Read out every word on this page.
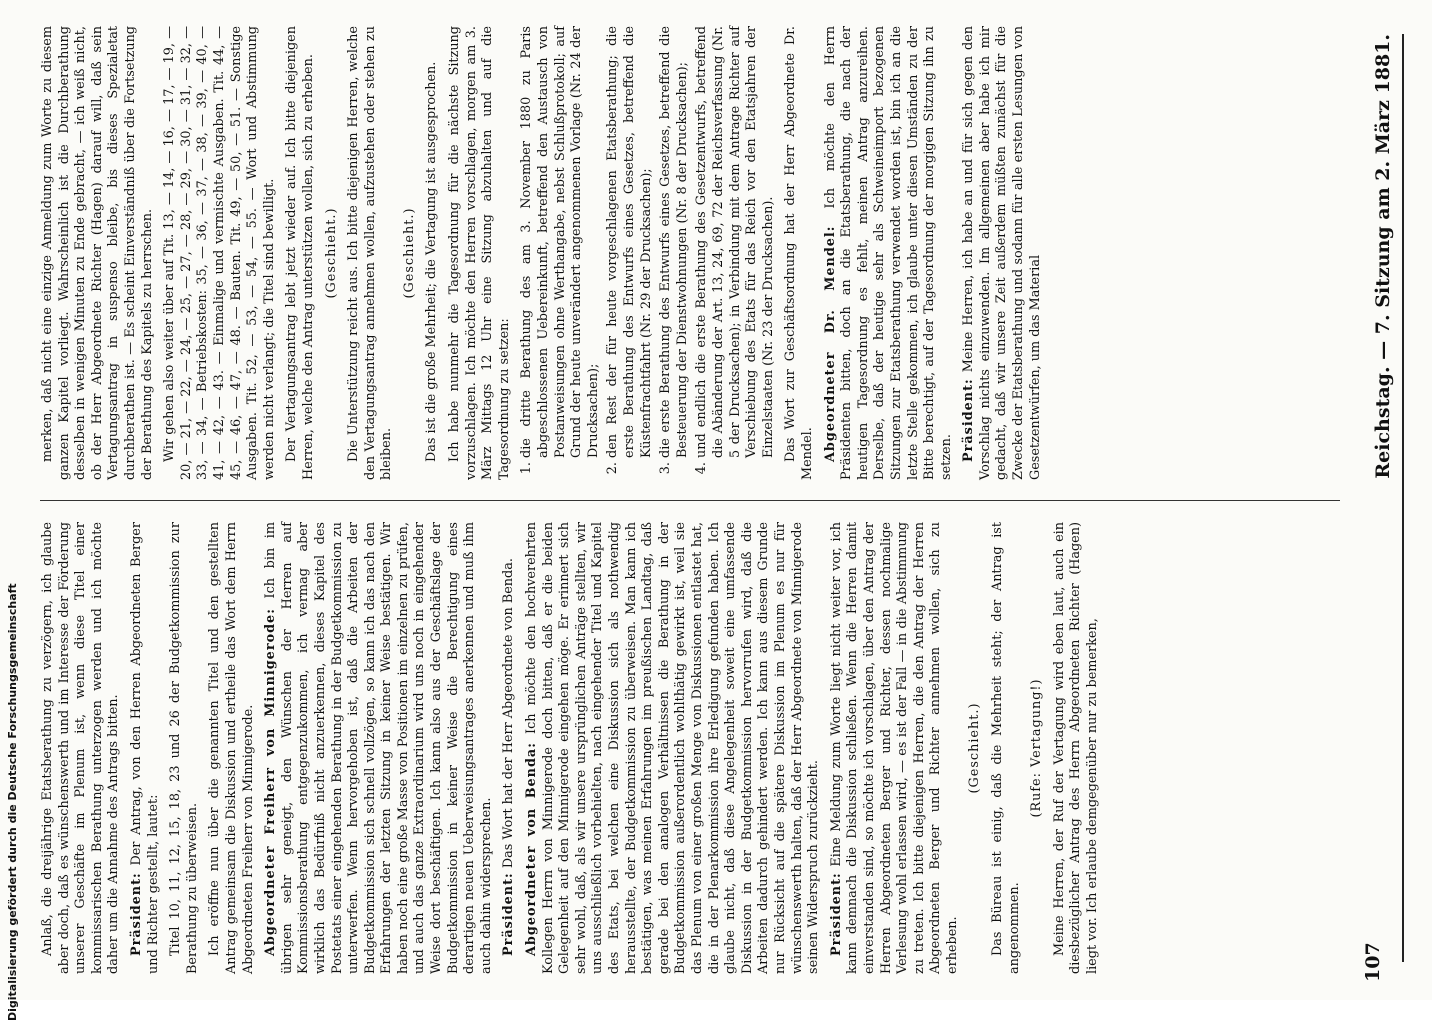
107
Reichstag. — 7. Sitzung am 2. März 1881.

Anlaß, die dreijährige Etatsberathung zu verzögern, ich glaube aber doch, daß es wünschenswerth und im Interesse der Förderung unserer Geschäfte im Plenum ist, wenn diese Titel einer kommissarischen Berathung unterzogen werden und ich möchte daher um die Annahme des Antrags bitten. Präsident: Der Antrag, von den Herren Abgeordneten Berger und Richter gestellt, lautet: Titel 10, 11, 12, 15, 18, 23 und 26 der Budgetkommission zur Berathung zu überweisen. Ich eröffne nun über die genannten Titel und den gestellten Antrag gemeinsam die Diskussion und ertheile das Wort dem Herrn Abgeordneten Freiherr von Minnigerode. Abgeordneter Freiherr von Minnigerode: Ich bin im übrigen sehr geneigt, den Wünschen der Herren auf Kommissionsberathung entgegenzukommen, ich vermag aber wirklich das Bedürfniß nicht anzuerkennen, dieses Kapitel des Postetats einer eingehenden Berathung in der Budgetkommission zu unterwerfen. Wenn hervorgehoben ist, daß die Arbeiten der Budgetkommission sich schnell vollzögen, so kann ich das nach den Erfahrungen der letzten Sitzung in keiner Weise bestätigen. Wir haben noch eine große Masse von Positionen im einzelnen zu prüfen, und auch das ganze Extraordinarium wird uns noch in eingehender Weise dort beschäftigen. Ich kann also aus der Geschäftslage der Budgetkommission in keiner Weise die Berechtigung eines derartigen neuen Ueberweisungsantrages anerkennen und muß ihm auch dahin widersprechen. Präsident: Das Wort hat der Herr Abgeordnete von Benda. Abgeordneter von Benda: Ich möchte den hochverehrten Kollegen Herrn von Minnigerode doch bitten, daß er die beiden Gelegenheit auf den Minnigerode eingehen möge. Er erinnert sich sehr wohl, daß, als wir unsere ursprünglichen Anträge stellten, wir uns ausschließlich vorbehielten, nach eingehender Titel und Kapitel des Etats, bei welchen eine Diskussion sich als nothwendig herausstellte, der Budgetkommission zu überweisen. Man kann ich bestätigen, was meinen Erfahrungen im preußischen Landtag, daß gerade bei den analogen Verhältnissen die Berathung in der Budgetkommission außerordentlich wohlthätig gewirkt ist, weil sie das Plenum von einer großen Menge von Diskussionen entlastet hat, die in der Plenarkommission ihre Erledigung gefunden haben. Ich glaube nicht, daß diese Angelegenheit soweit eine umfassende Diskussion in der Budgetkommission hervorrufen wird, daß die Arbeiten dadurch gehindert werden. Ich kann aus diesem Grunde nur Rücksicht auf die spätere Diskussion im Plenum es nur für wünschenswerth halten, daß der Herr Abgeordnete von Minnigerode seinen Widerspruch zurückzieht. Präsident: Eine Meldung zum Worte liegt nicht weiter vor, ich kann demnach die Diskussion schließen. Wenn die Herren damit einverstanden sind, so möchte ich vorschlagen, über den Antrag der Herren Abgeordneten Berger und Richter, dessen nochmalige Verlesung wohl erlassen wird, — es ist der Fall — in die Abstimmung zu treten. Ich bitte diejenigen Herren, die den Antrag der Herren Abgeordneten Berger und Richter annehmen wollen, sich zu erheben.

(Geschieht.) Das Büreau ist einig, daß die Mehrheit steht; der Antrag ist angenommen.

(Rufe: Vertagung!) Meine Herren, der Ruf der Vertagung wird eben laut, auch ein diesbezüglicher Antrag des Herrn Abgeordneten Richter (Hagen) liegt vor. Ich erlaube demgegenüber nur zu bemerken,

merken, daß nicht eine einzige Anmeldung zum Worte zu diesem ganzen Kapitel vorliegt. Wahrscheinlich ist die Durchberathung desselben in wenigen Minuten zu Ende gebracht, — ich weiß nicht, ob der Herr Abgeordnete Richter (Hagen) darauf will, daß sein Vertagungsantrag in suspenso bleibe, bis dieses Spezialetat durchberathen ist. — Es scheint Einverständniß über die Fortsetzung der Berathung des Kapitels zu herrschen. Wir gehen also weiter über auf Tit. 13, — 14, — 16, — 17, — 19, — 20, — 21, — 22, — 24, — 25, — 27, — 28, — 29, — 30, — 31, — 32, — 33, — 34, — Betriebskosten: 35, — 36, — 37, — 38, — 39, — 40, — 41, — 42, — 43. — Einmalige und vermischte Ausgaben. Tit. 44, — 45, — 46, — 47, — 48. — Bauten. Tit. 49, — 50, — 51. — Sonstige Ausgaben. Tit. 52, — 53, — 54, — 55. — Wort und Abstimmung werden nicht verlangt; die Titel sind bewilligt. Der Vertagungsantrag lebt jetzt wieder auf. Ich bitte diejenigen Herren, welche den Antrag unterstützen wollen, sich zu erheben. (Geschieht.) Die Unterstützung reicht aus. Ich bitte diejenigen Herren, welche den Vertagungsantrag annehmen wollen, aufzustehen oder stehen zu bleiben.

(Geschieht.) Das ist die große Mehrheit; die Vertagung ist ausgesprochen. Ich habe nunmehr die Tagesordnung für die nächste Sitzung vorzuschlagen. Ich möchte den Herren vorschlagen, morgen am 3. März Mittags 12 Uhr eine Sitzung abzuhalten und auf die Tagesordnung zu setzen: 1. die dritte Berathung des am 3. November 1880 zu Paris abgeschlossenen Uebereinkunft, betreffend den Austausch von Postanweisungen ohne Werthangabe, nebst Schlußprotokoll; auf Grund der heute unverändert angenommenen Vorlage (Nr. 24 der Drucksachen); 2. den Rest der für heute vorgeschlagenen Etatsberathung; die erste Berathung des Entwurfs eines Gesetzes, betreffend die Küstenfrachtfahrt (Nr. 29 der Drucksachen); 3. die erste Berathung des Entwurfs eines Gesetzes, betreffend die Besteuerung der Dienstwohnungen (Nr. 8 der Drucksachen); 4. und endlich die erste Berathung des Gesetzentwurfs, betreffend die Abänderung der Art. 13, 24, 69, 72 der Reichsverfassung (Nr. 5 der Drucksachen); in Verbindung mit dem Antrage Richter auf Verschiebung des Etats für das Reich vor den Etatsjahren der Einzelstaaten (Nr. 23 der Drucksachen). Das Wort zur Geschäftsordnung hat der Herr Abgeordnete Dr. Mendel. Abgeordneter Dr. Mendel: Ich möchte den Herrn Präsidenten bitten, doch an die Etatsberathung, die nach der heutigen Tagesordnung es fehlt, meinen Antrag anzureihen. Derselbe, daß der heutige sehr als Schweineimport bezogenen Sitzungen zur Etatsberathung verwendet worden ist, bin ich an die letzte Stelle gekommen, ich glaube unter diesen Umständen zu der Bitte berechtigt, auf der Tagesordnung der morgigen Sitzung ihn zu setzen. Präsident: Meine Herren, ich habe an und für sich gegen den Vorschlag nichts einzuwenden. Im allgemeinen aber habe ich mir gedacht, daß wir unsere Zeit außerdem müßten zunächst für die Zwecke der Etatsberathung und sodann für alle ersten Lesungen von Gesetzentwürfen, um das Material

Digitalisierung gefördert durch die Deutsche Forschungsgemeinschaft
